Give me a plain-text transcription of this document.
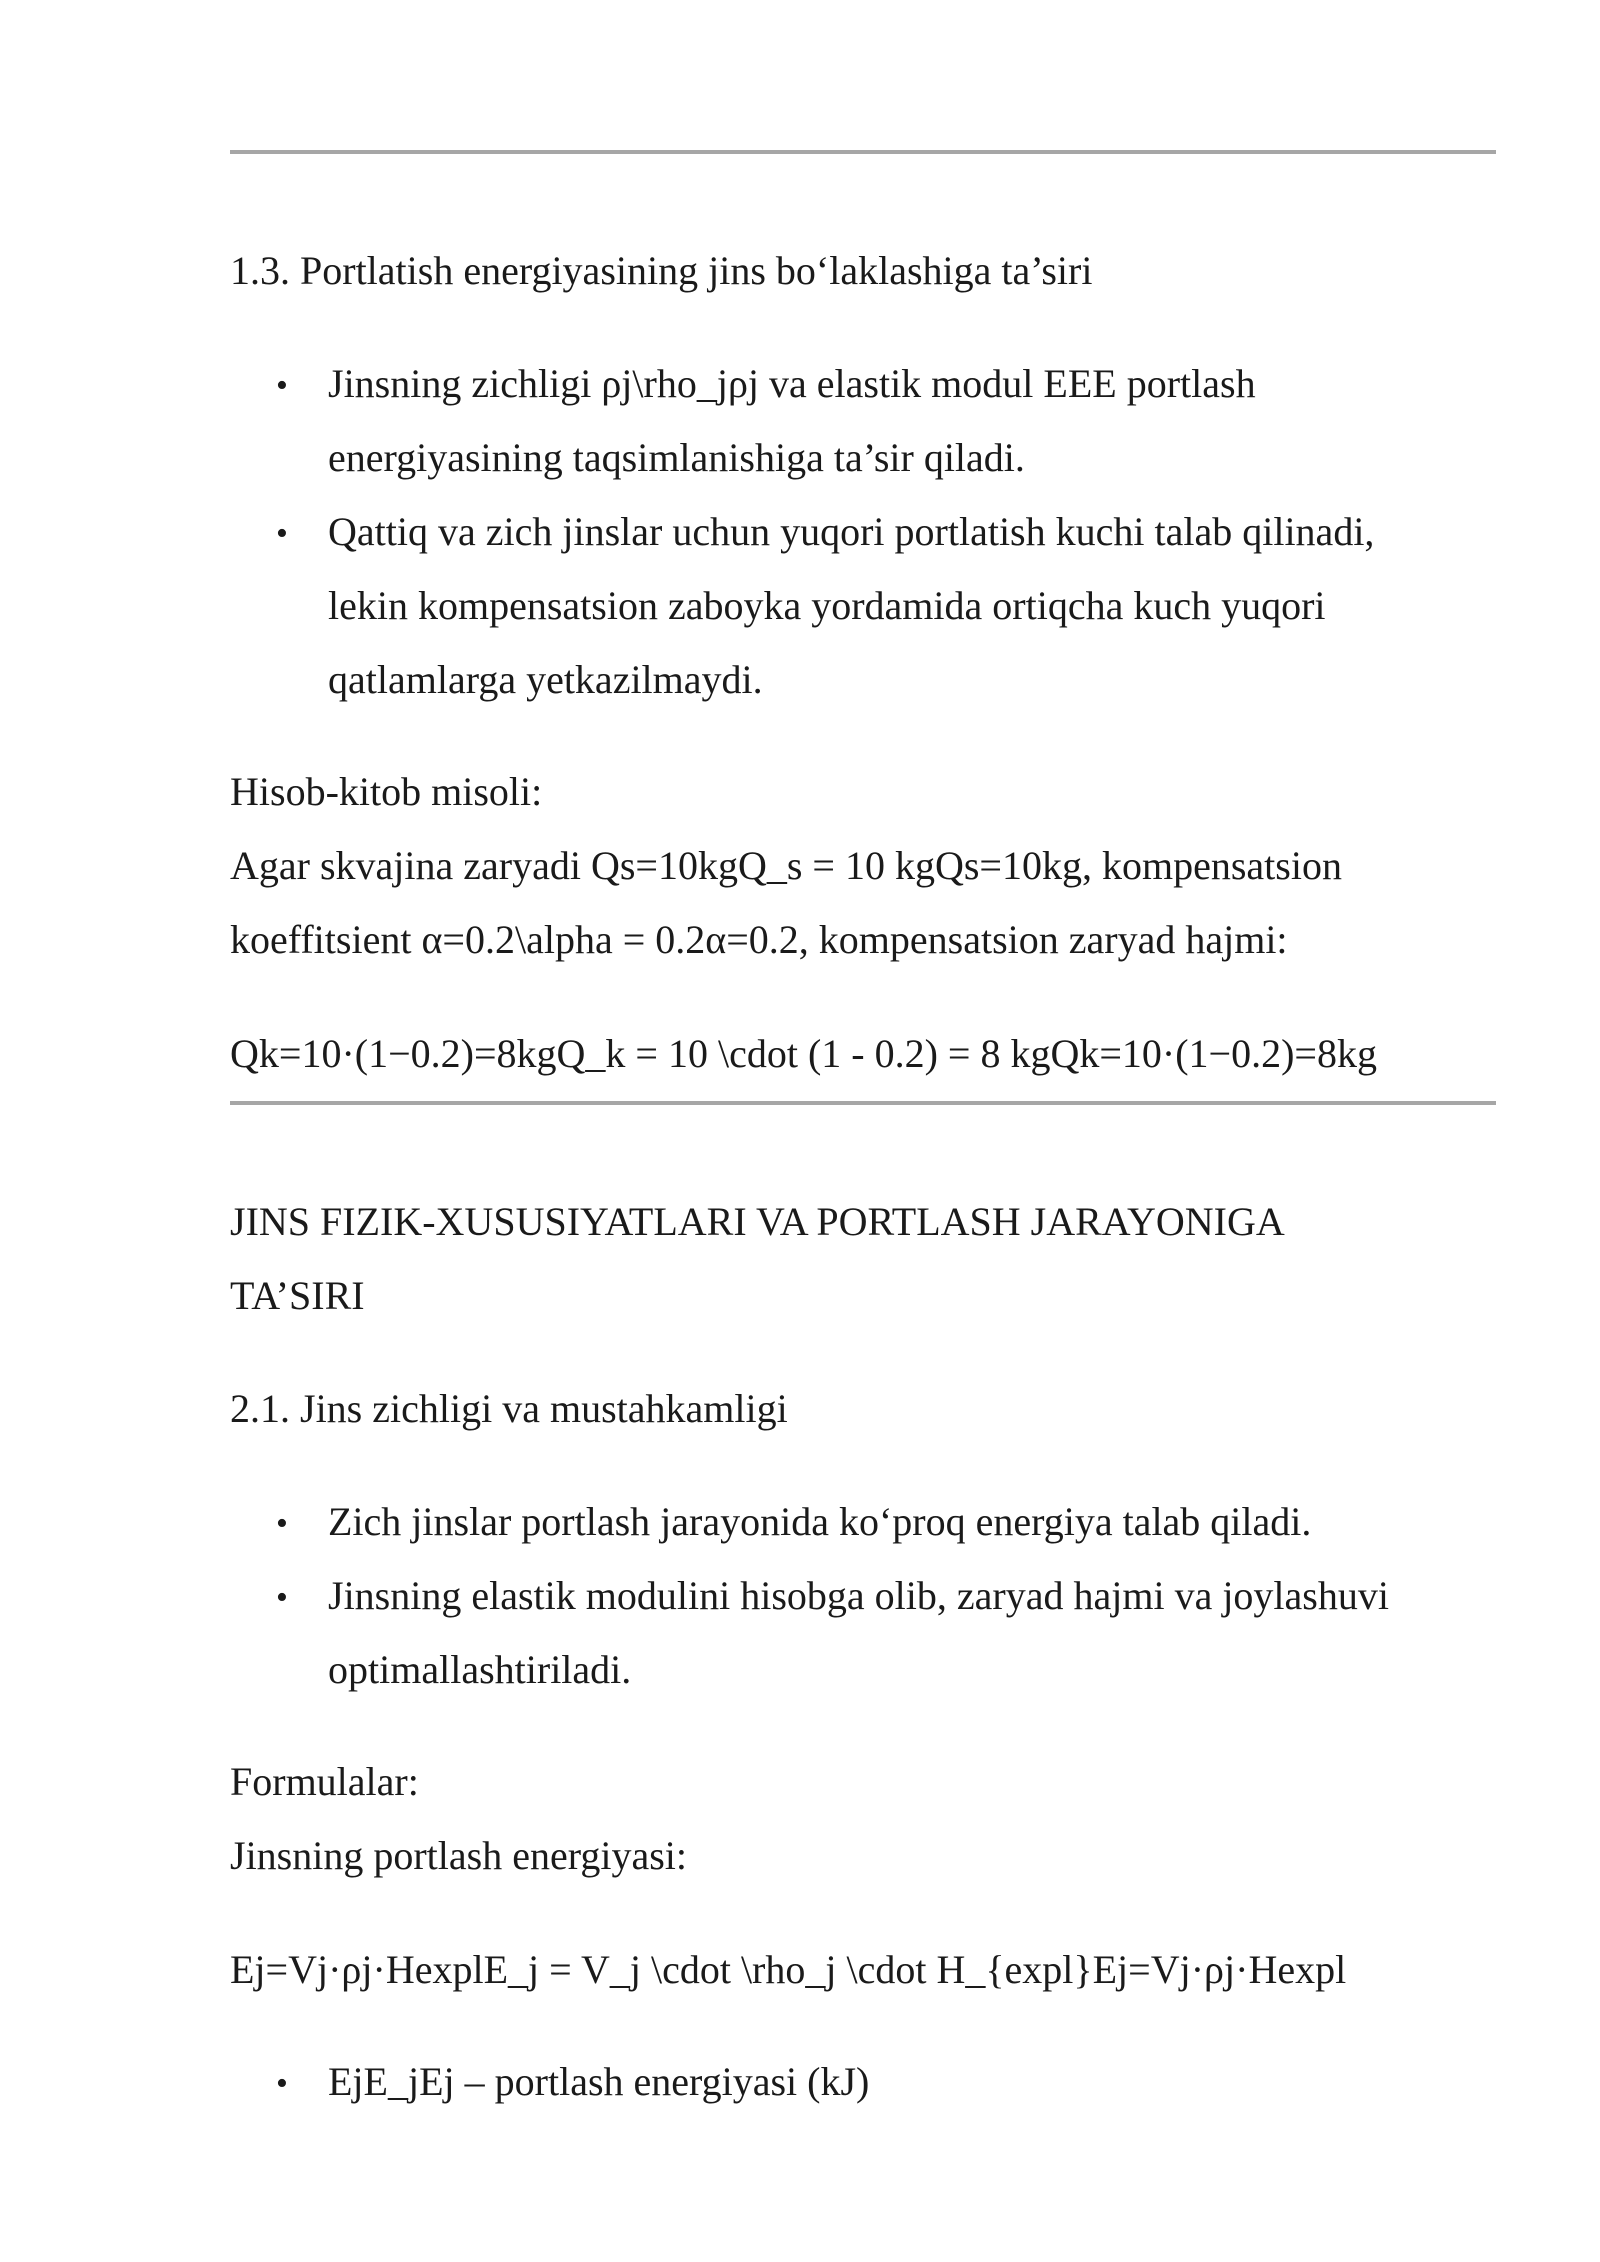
1.3. Portlatish energiyasining jins bo‘laklashiga ta’siri
• Jinsning zichligi ρj\rho_jρj va elastik modul EEE portlash
energiyasining taqsimlanishiga ta’sir qiladi.
• Qattiq va zich jinslar uchun yuqori portlatish kuchi talab qilinadi,
lekin kompensatsion zaboyka yordamida ortiqcha kuch yuqori
qatlamlarga yetkazilmaydi.
Hisob-kitob misoli:
Agar skvajina zaryadi Qs=10kgQ_s = 10 kgQs=10kg, kompensatsion
koeffitsient α=0.2\alpha = 0.2α=0.2, kompensatsion zaryad hajmi:
Qk=10·(1−0.2)=8kgQ_k = 10 \cdot (1 - 0.2) = 8 kgQk=10·(1−0.2)=8kg
JINS FIZIK-XUSUSIYATLARI VA PORTLASH JARAYONIGA
TA’SIRI
2.1. Jins zichligi va mustahkamligi
• Zich jinslar portlash jarayonida ko‘proq energiya talab qiladi.
• Jinsning elastik modulini hisobga olib, zaryad hajmi va joylashuvi
optimallashtiriladi.
Formulalar:
Jinsning portlash energiyasi:
Ej=Vj·ρj·HexplE_j = V_j \cdot \rho_j \cdot H_{expl}Ej=Vj·ρj·Hexpl
• EjE_jEj – portlash energiyasi (kJ)
